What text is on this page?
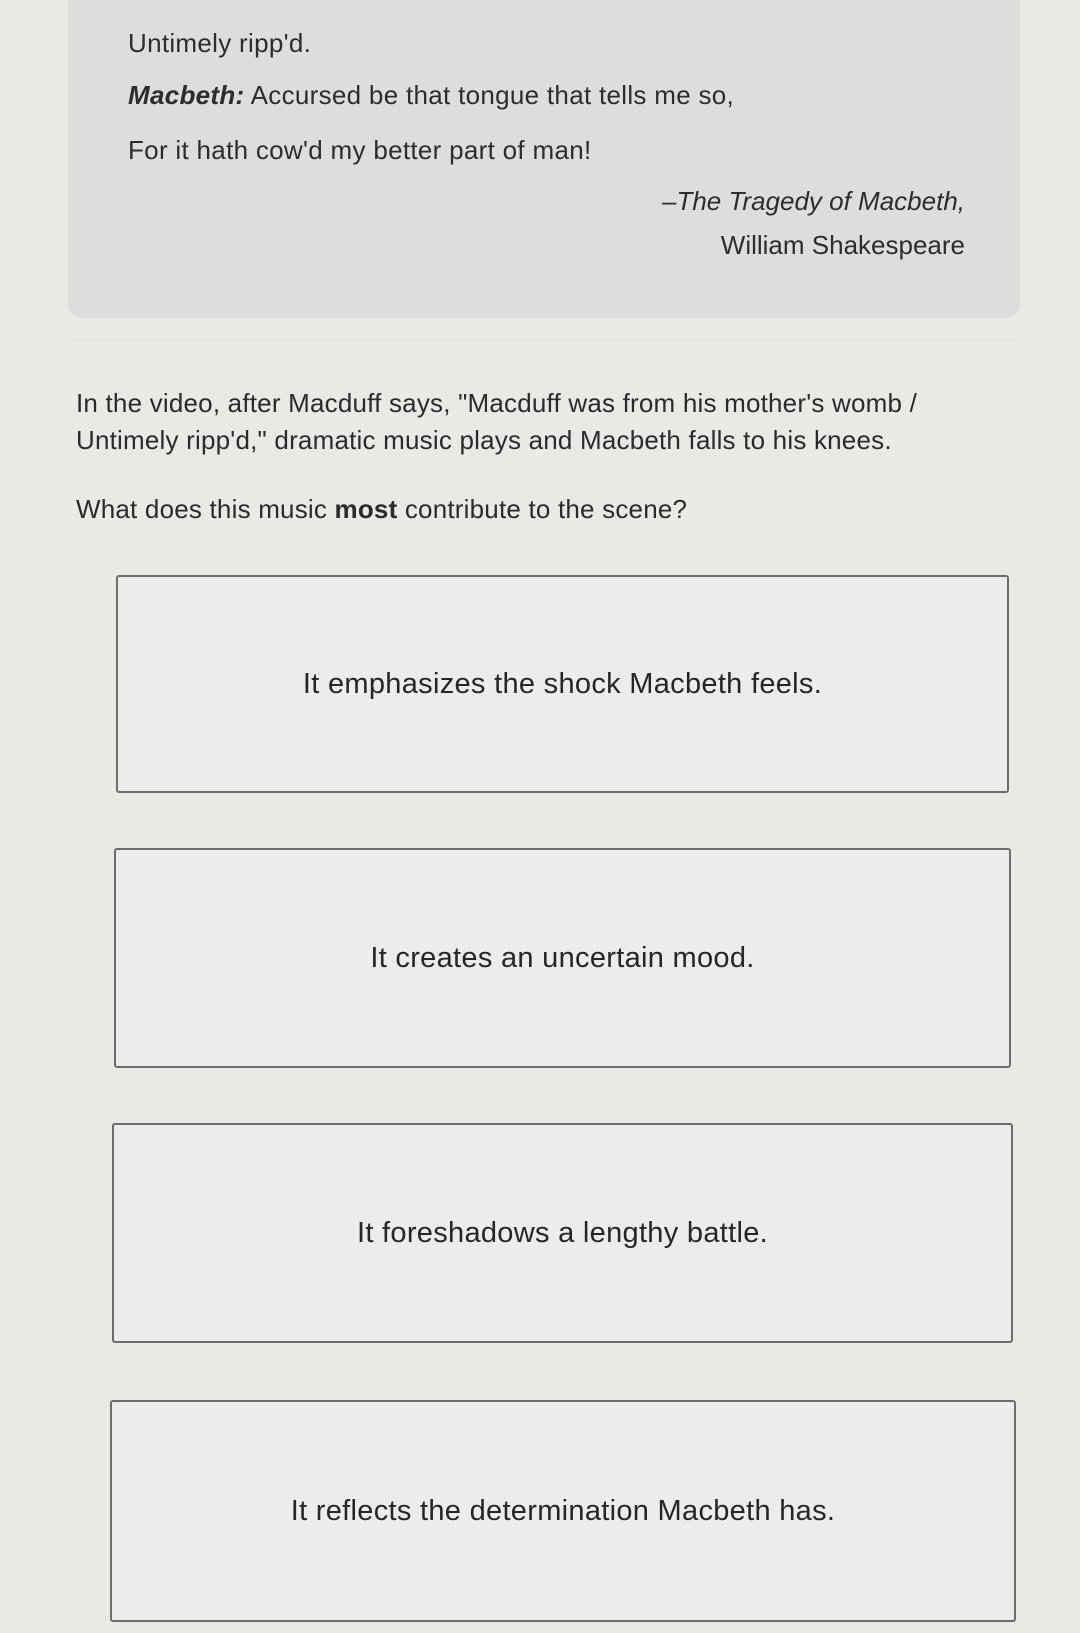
Untimely ripp'd.
Macbeth: Accursed be that tongue that tells me so,
For it hath cow'd my better part of man!
–The Tragedy of Macbeth,
William Shakespeare
In the video, after Macduff says, "Macduff was from his mother's womb /
Untimely ripp'd," dramatic music plays and Macbeth falls to his knees.
What does this music most contribute to the scene?
It emphasizes the shock Macbeth feels.
It creates an uncertain mood.
It foreshadows a lengthy battle.
It reflects the determination Macbeth has.
